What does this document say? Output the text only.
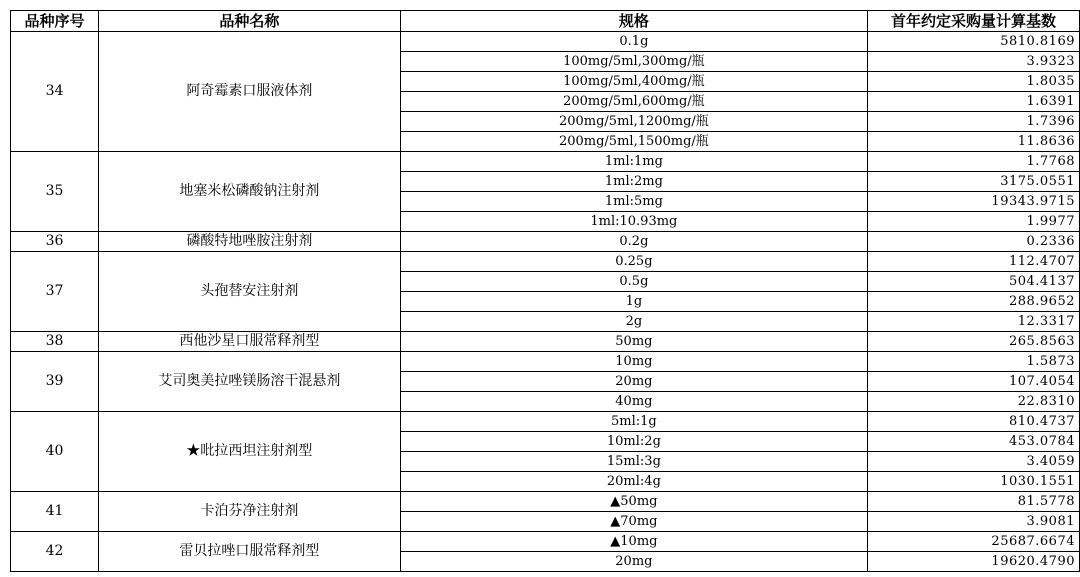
品种序号	品种名称	规格	首年约定采购量计算基数
34	阿奇霉素口服液体剂	0.1g	5810.8169
		100mg/5ml,300mg/瓶	3.9323
		100mg/5ml,400mg/瓶	1.8035
		200mg/5ml,600mg/瓶	1.6391
		200mg/5ml,1200mg/瓶	1.7396
		200mg/5ml,1500mg/瓶	11.8636
35	地塞米松磷酸钠注射剂	1ml:1mg	1.7768
		1ml:2mg	3175.0551
		1ml:5mg	19343.9715
		1ml:10.93mg	1.9977
36	磷酸特地唑胺注射剂	0.2g	0.2336
37	头孢替安注射剂	0.25g	112.4707
		0.5g	504.4137
		1g	288.9652
		2g	12.3317
38	西他沙星口服常释剂型	50mg	265.8563
39	艾司奥美拉唑镁肠溶干混悬剂	10mg	1.5873
		20mg	107.4054
		40mg	22.8310
40	★吡拉西坦注射剂型	5ml:1g	810.4737
		10ml:2g	453.0784
		15ml:3g	3.4059
		20ml:4g	1030.1551
41	卡泊芬净注射剂	▲50mg	81.5778
		▲70mg	3.9081
42	雷贝拉唑口服常释剂型	▲10mg	25687.6674
		20mg	19620.4790
